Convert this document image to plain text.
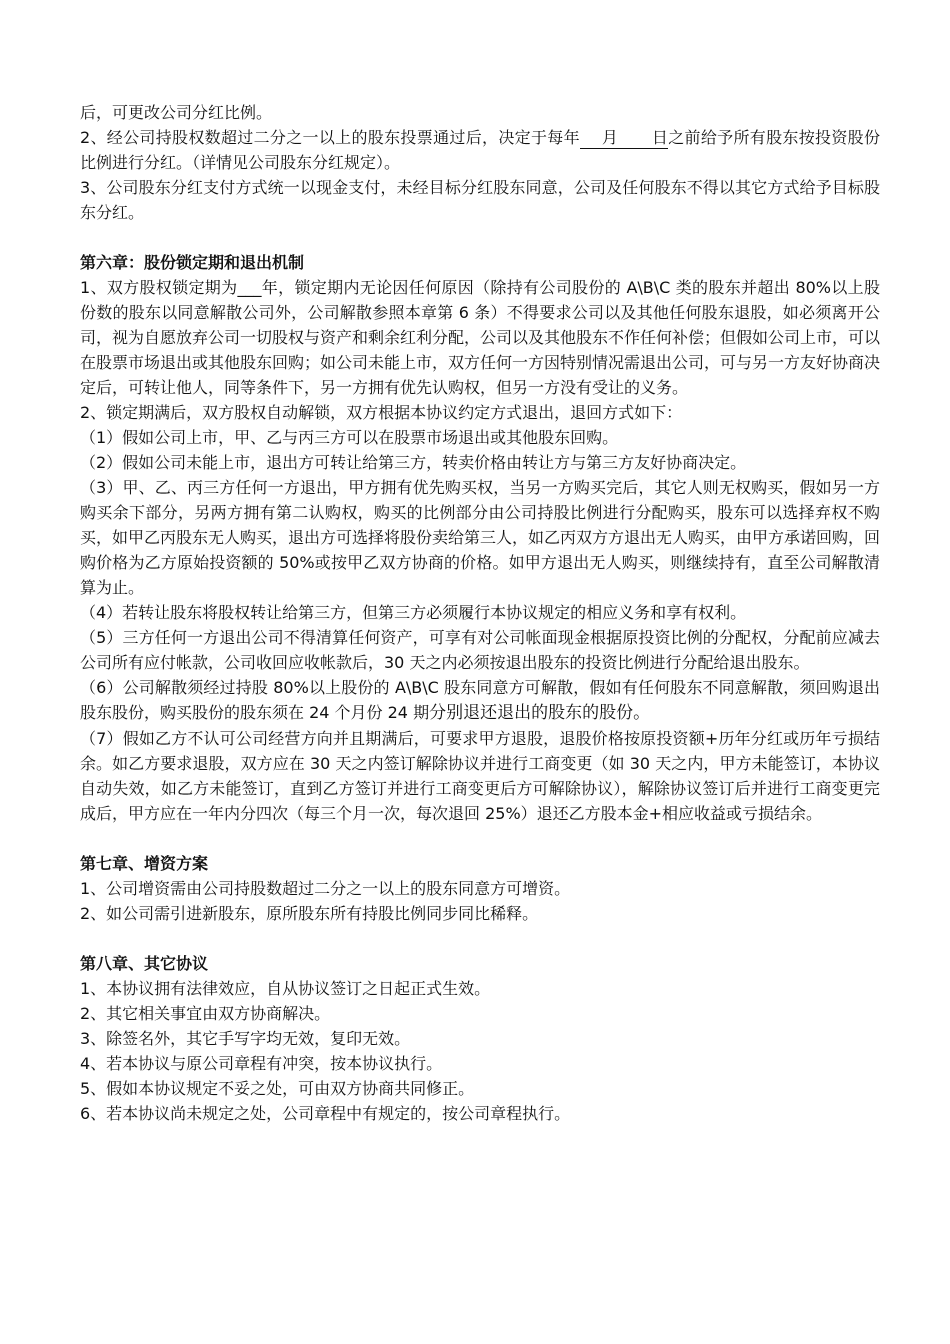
后，可更改公司分红比例。

2、经公司持股权数超过二分之一以上的股东投票通过后，决定于每年 月 日之前给予所有股东按投资股份比例进行分红。（详情见公司股东分红规定）。

3、公司股东分红支付方式统一以现金支付，未经目标分红股东同意，公司及任何股东不得以其它方式给予目标股东分红。

第六章：股份锁定期和退出机制

1、双方股权锁定期为___年，锁定期内无论因任何原因（除持有公司股份的 A\B\C 类的股东并超出 80%以上股份数的股东以同意解散公司外，公司解散参照本章第 6 条）不得要求公司以及其他任何股东退股，如必须离开公司，视为自愿放弃公司一切股权与资产和剩余红利分配，公司以及其他股东不作任何补偿；但假如公司上市，可以在股票市场退出或其他股东回购；如公司未能上市，双方任何一方因特别情况需退出公司，可与另一方友好协商决定后，可转让他人，同等条件下，另一方拥有优先认购权，但另一方没有受让的义务。

2、锁定期满后，双方股权自动解锁，双方根据本协议约定方式退出，退回方式如下：

（1）假如公司上市，甲、乙与丙三方可以在股票市场退出或其他股东回购。

（2）假如公司未能上市，退出方可转让给第三方，转卖价格由转让方与第三方友好协商决定。

（3）甲、乙、丙三方任何一方退出，甲方拥有优先购买权，当另一方购买完后，其它人则无权购买，假如另一方购买余下部分，另两方拥有第二认购权，购买的比例部分由公司持股比例进行分配购买，股东可以选择弃权不购买，如甲乙丙股东无人购买，退出方可选择将股份卖给第三人，如乙丙双方方退出无人购买，由甲方承诺回购，回购价格为乙方原始投资额的 50%或按甲乙双方协商的价格。如甲方退出无人购买，则继续持有，直至公司解散清算为止。

（4）若转让股东将股权转让给第三方，但第三方必须履行本协议规定的相应义务和享有权利。

（5）三方任何一方退出公司不得清算任何资产，可享有对公司帐面现金根据原投资比例的分配权，分配前应减去公司所有应付帐款，公司收回应收帐款后，30 天之内必须按退出股东的投资比例进行分配给退出股东。

（6）公司解散须经过持股 80%以上股份的 A\B\C 股东同意方可解散，假如有任何股东不同意解散，须回购退出股东股份，购买股份的股东须在 24 个月份 24 期分别退还退出的股东的股份。

（7）假如乙方不认可公司经营方向并且期满后，可要求甲方退股，退股价格按原投资额+历年分红或历年亏损结余。如乙方要求退股，双方应在 30 天之内签订解除协议并进行工商变更（如 30 天之内，甲方未能签订，本协议自动失效，如乙方未能签订，直到乙方签订并进行工商变更后方可解除协议），解除协议签订后并进行工商变更完成后，甲方应在一年内分四次（每三个月一次，每次退回 25%）退还乙方股本金+相应收益或亏损结余。

第七章、增资方案

1、公司增资需由公司持股数超过二分之一以上的股东同意方可增资。

2、如公司需引进新股东，原所股东所有持股比例同步同比稀释。

第八章、其它协议

1、本协议拥有法律效应，自从协议签订之日起正式生效。

2、其它相关事宜由双方协商解决。

3、除签名外，其它手写字均无效，复印无效。

4、若本协议与原公司章程有冲突，按本协议执行。

5、假如本协议规定不妥之处，可由双方协商共同修正。

6、若本协议尚未规定之处，公司章程中有规定的，按公司章程执行。
